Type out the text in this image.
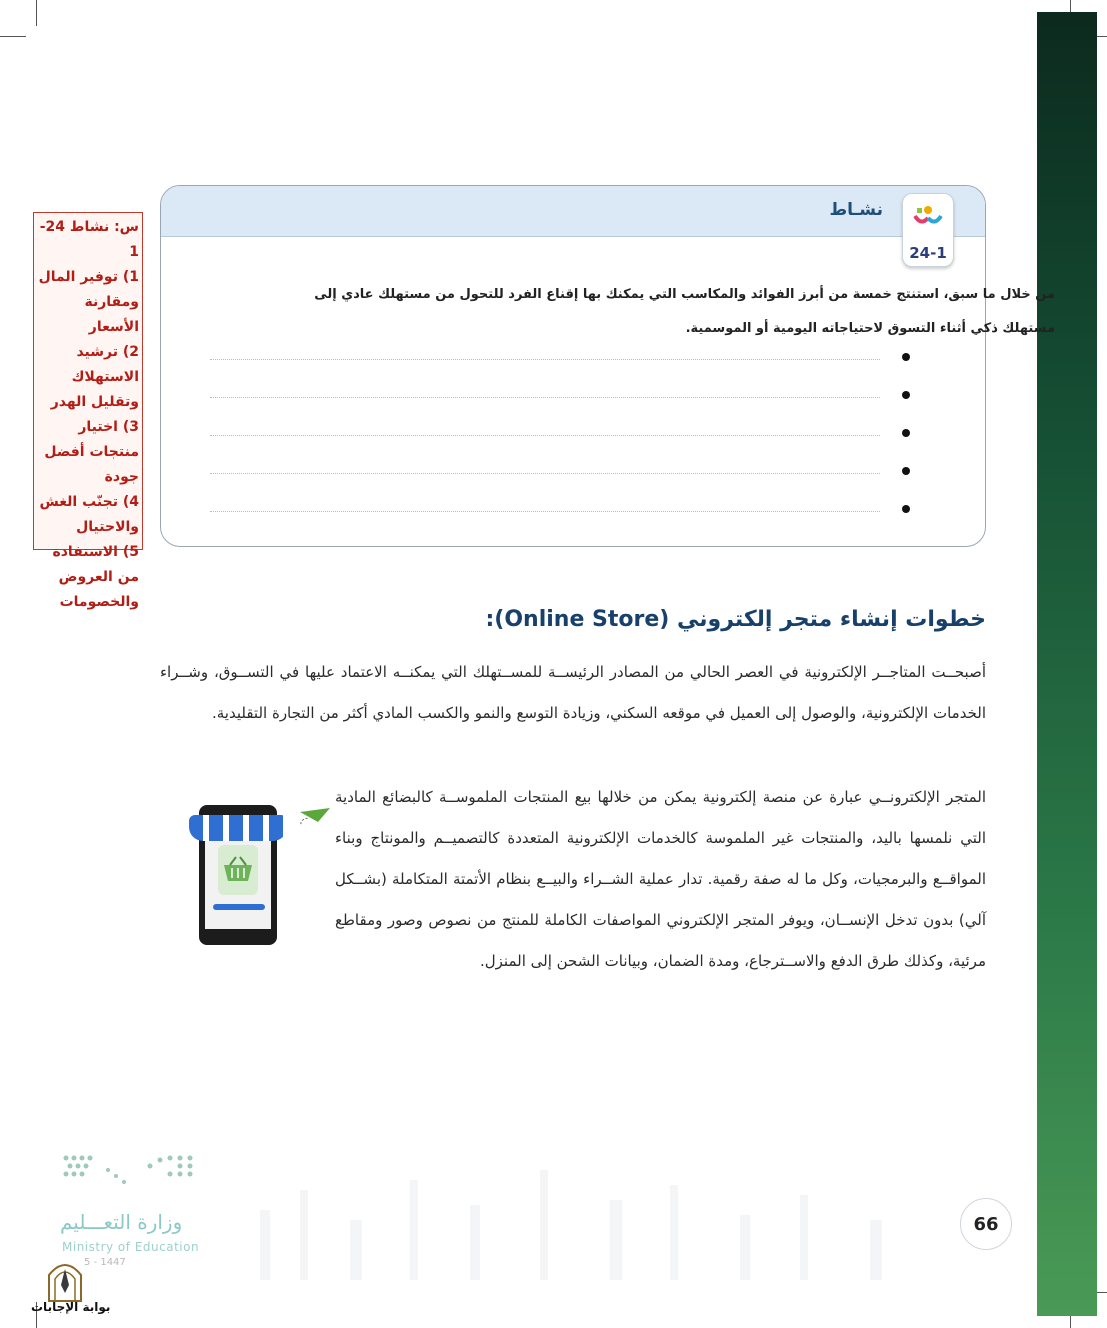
س: نشاط 24-1
1) توفير المال ومقارنة الأسعار
2) ترشيد الاستهلاك وتقليل الهدر
3) اختيار منتجات أفضل جودة
4) تجنّب الغش والاحتيال
5) الاستفادة من العروض والخصومات
نشـاط
24-1
من خلال ما سبق، استنتج خمسة من أبرز الفوائد والمكاسب التي يمكنك بها إقناع الفرد للتحول من مستهلك عادي إلى
مستهلك ذكي أثناء التسوق لاحتياجاته اليومية أو الموسمية.
خطوات إنشاء متجر إلكتروني (Online Store):
أصبحــت المتاجــر الإلكترونية في العصر الحالي من المصادر الرئيســة للمســتهلك التي يمكنــه الاعتماد عليها في التســوق، وشــراء الخدمات الإلكترونية، والوصول إلى العميل في موقعه السكني، وزيادة التوسع والنمو والكسب المادي أكثر من التجارة التقليدية.
المتجر الإلكترونــي عبارة عن منصة إلكترونية يمكن من خلالها بيع المنتجات الملموســة كالبضائع المادية التي نلمسها باليد، والمنتجات غير الملموسة كالخدمات الإلكترونية المتعددة كالتصميــم والمونتاج وبناء المواقــع والبرمجيات، وكل ما له صفة رقمية. تدار عملية الشــراء والبيــع بنظام الأتمتة المتكاملة (بشــكل آلي) بدون تدخل الإنســان، ويوفر المتجر الإلكتروني المواصفات الكاملة للمنتج من نصوص وصور ومقاطع مرئية، وكذلك طرق الدفع والاســترجاع، ومدة الضمان، وبيانات الشحن إلى المنزل.
وزارة التعـــليم
Ministry of Education
5 - 1447
بوابة الإجابات
66
